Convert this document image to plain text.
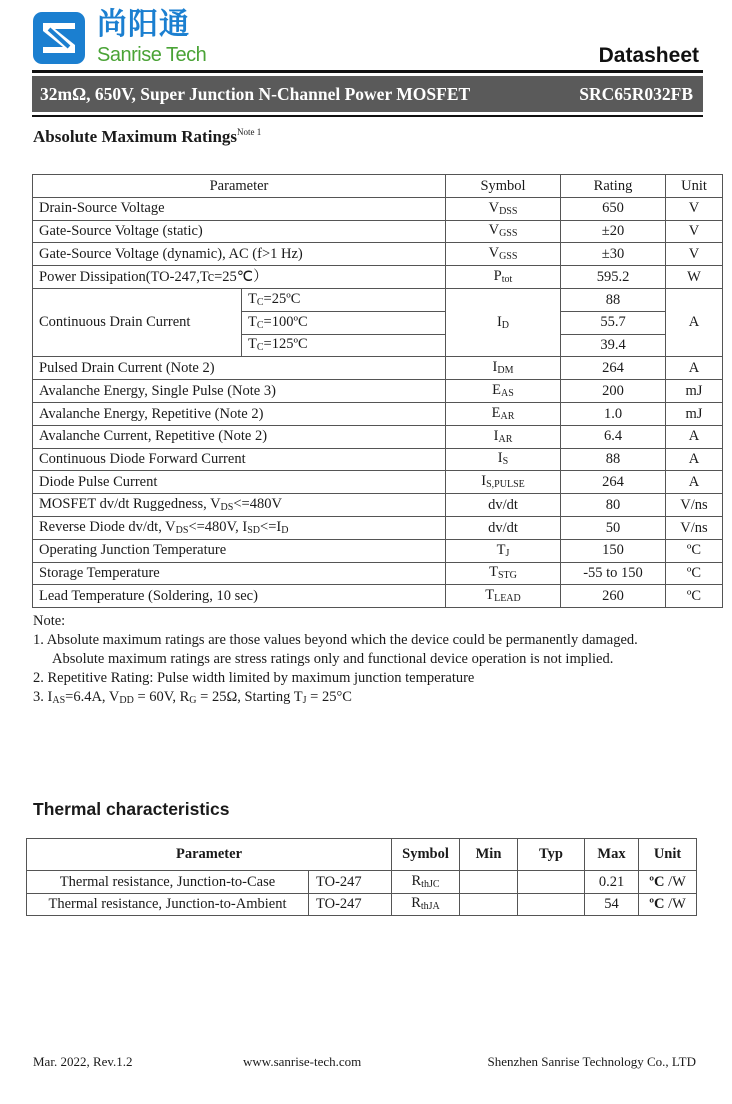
尚阳通
Sanrise Tech	Datasheet
32mΩ, 650V, Super Junction N-Channel Power MOSFET	SRC65R032FB
Absolute Maximum Ratings$^{Note 1}$
Parameter		Symbol	Rating	Unit
Drain-Source Voltage		$V_{DSS}$	650	V
Gate-Source Voltage (static)		$V_{GSS}$	±20	V
Gate-Source Voltage (dynamic), AC (f>1 Hz)		$V_{GSS}$	±30	V
Power Dissipation(TO-247,Tc=25℃）		$P_{tot}$	595.2	W
Continuous Drain Current	$T_C=25ºC$	$I_D$	88	A
	$T_C=100ºC$		55.7	
	$T_C=125ºC$		39.4	
Pulsed Drain Current (Note 2)		$I_{DM}$	264	A
Avalanche Energy, Single Pulse (Note 3)		$E_{AS}$	200	mJ
Avalanche Energy, Repetitive (Note 2)		$E_{AR}$	1.0	mJ
Avalanche Current, Repetitive (Note 2)		$I_{AR}$	6.4	A
Continuous Diode Forward Current		$I_S$	88	A
Diode Pulse Current		$I_{S,PULSE}$	264	A
MOSFET dv/dt Ruggedness, $V_{DS}<=480V$		dv/dt	80	V/ns
Reverse Diode dv/dt, $V_{DS}<=480V$, $I_{SD}<=I_D$		dv/dt	50	V/ns
Operating Junction Temperature		$T_J$	150	ºC
Storage Temperature		$T_{STG}$	-55 to 150	ºC
Lead Temperature (Soldering, 10 sec)		$T_{LEAD}$	260	ºC
Note:
1. Absolute maximum ratings are those values beyond which the device could be permanently damaged.
Absolute maximum ratings are stress ratings only and functional device operation is not implied.
2. Repetitive Rating: Pulse width limited by maximum junction temperature
3. $I_{AS}=6.4A$, $V_{DD} = 60V$, $R_G = 25\Omega$, Starting $T_J = 25^\circ C$
Thermal characteristics
Parameter		Symbol	Min	Typ	Max	Unit
Thermal resistance, Junction-to-Case	TO-247	$R_{thJC}$			0.21	ºC /W
Thermal resistance, Junction-to-Ambient	TO-247	$R_{thJA}$			54	ºC /W
Mar. 2022, Rev.1.2	www.sanrise-tech.com	Shenzhen Sanrise Technology Co., LTD
